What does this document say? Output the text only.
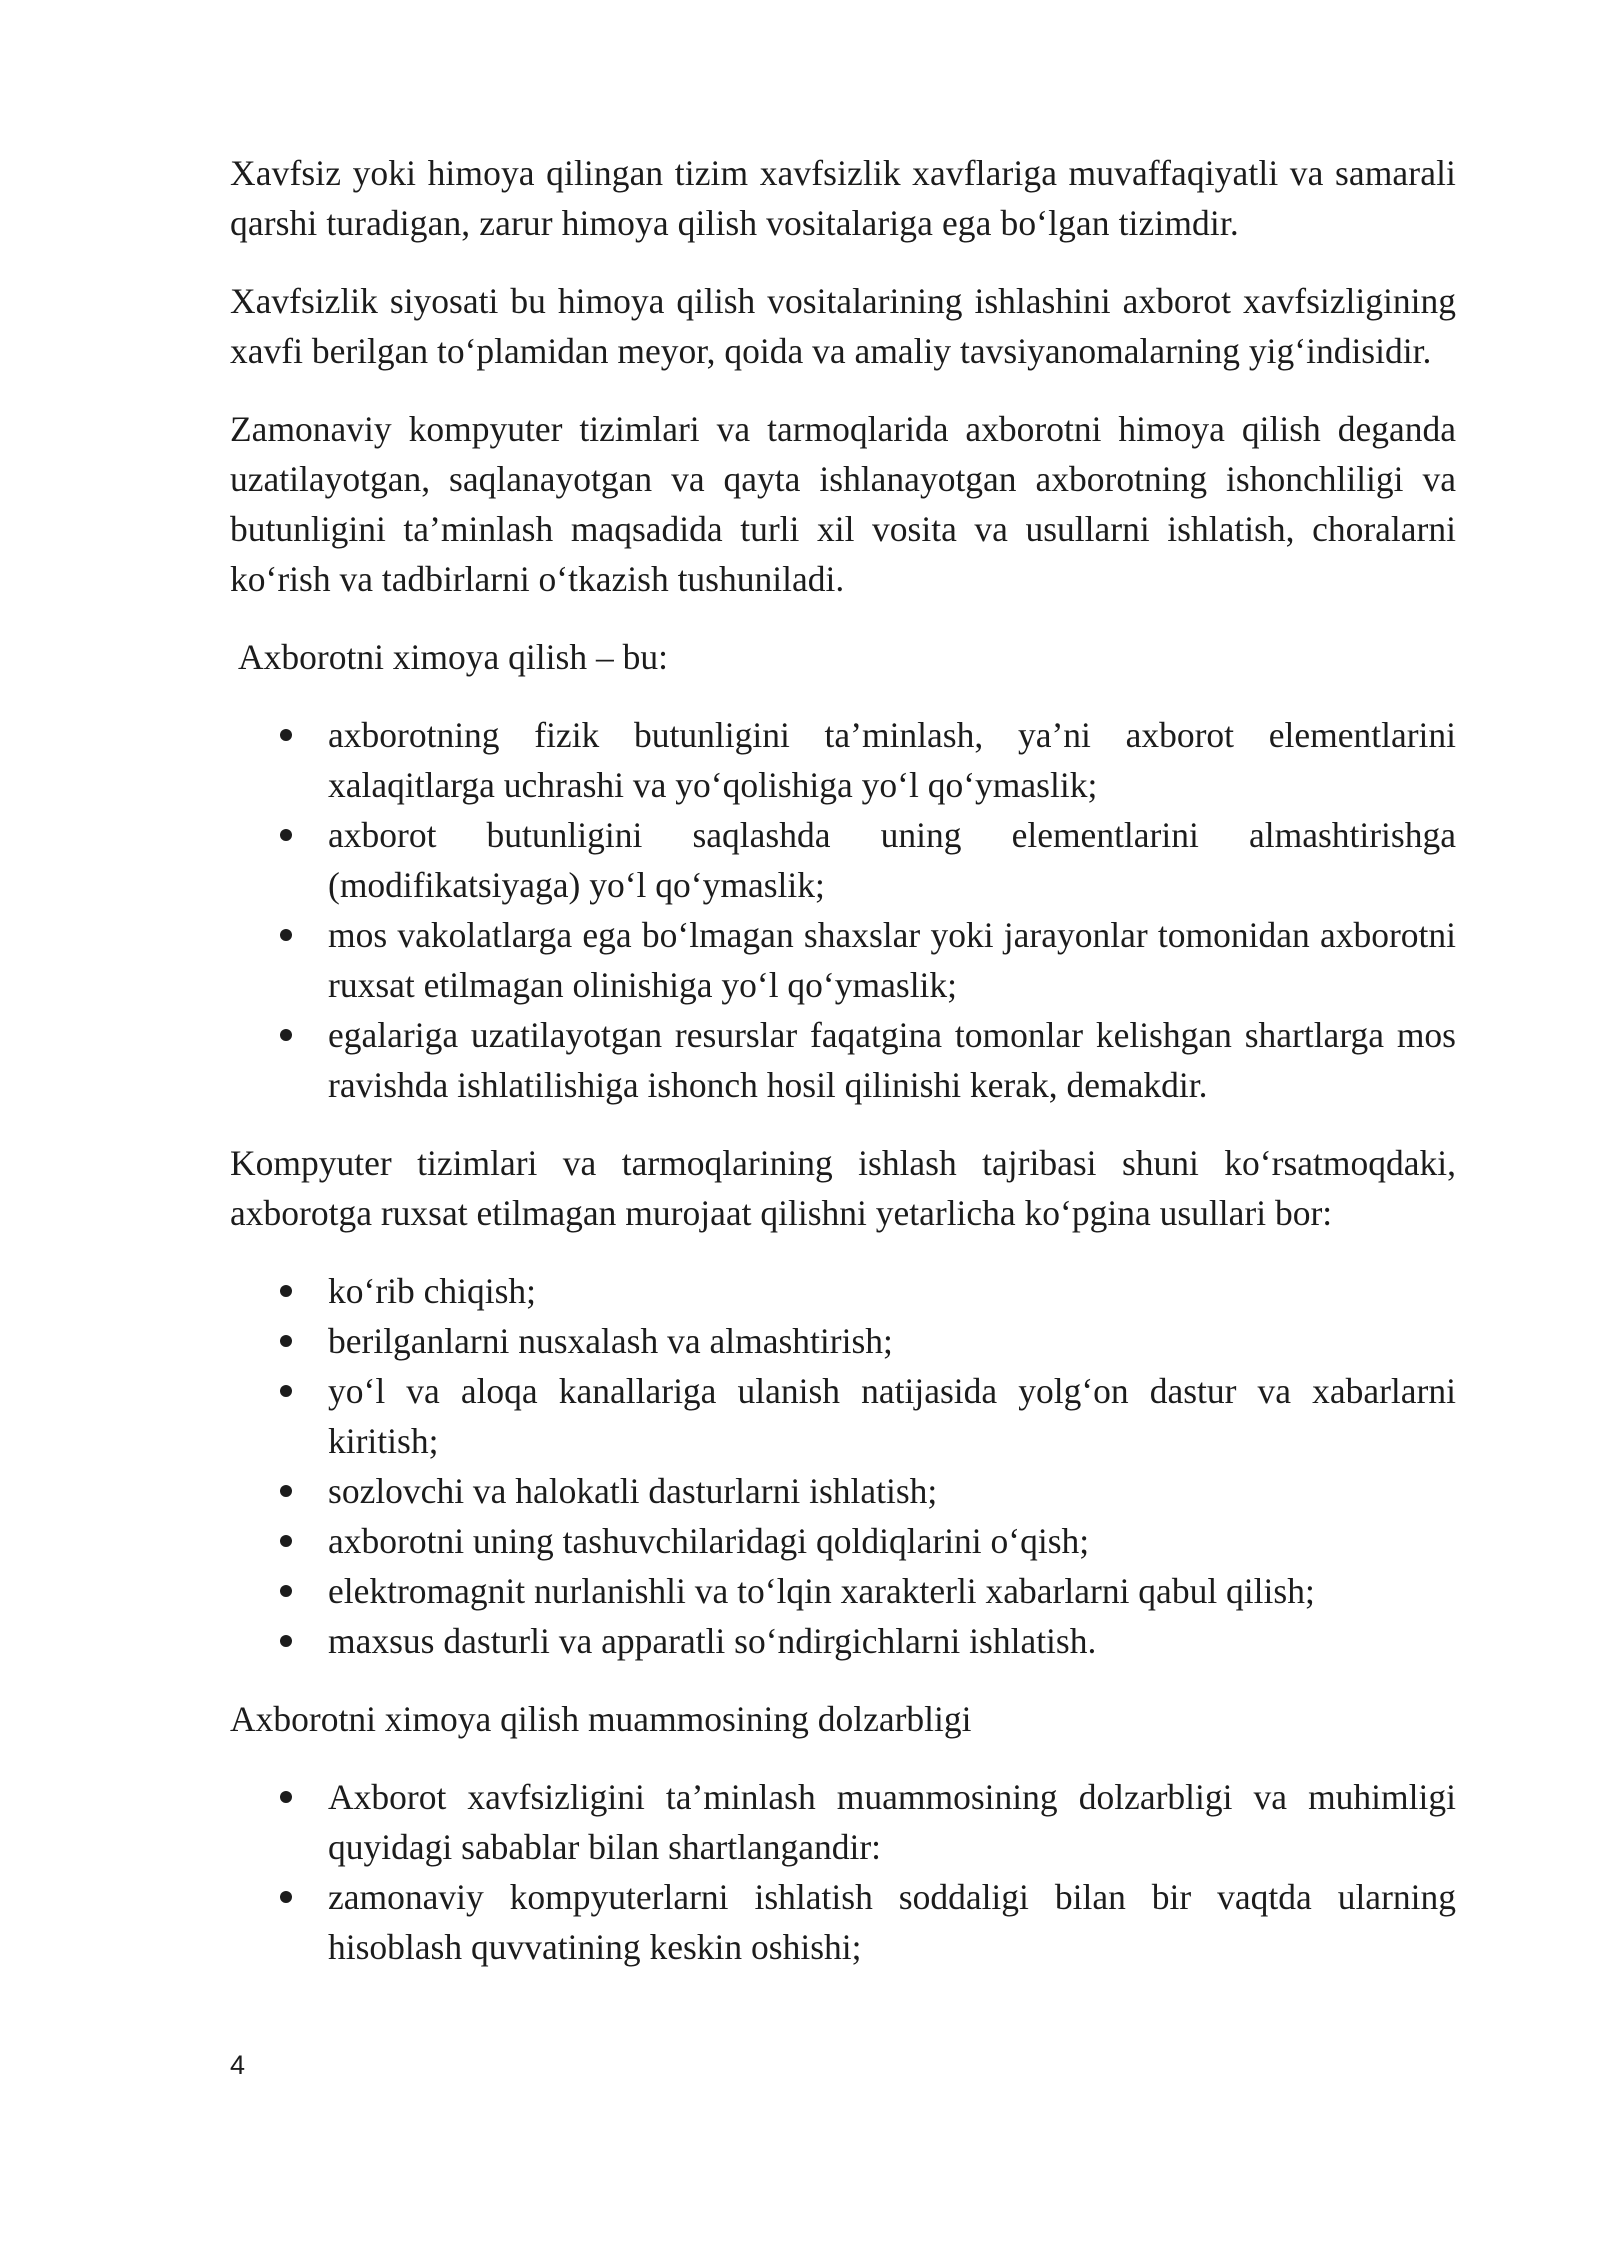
Xavfsiz yoki himoya qilingan tizim xavfsizlik xavflariga muvaffaqiyatli va samarali qarshi turadigan, zarur himoya qilish vositalariga ega bo‘lgan tizimdir.

Xavfsizlik siyosati bu himoya qilish vositalarining ishlashini axborot xavfsizligining xavfi berilgan to‘plamidan meyor, qoida va amaliy tavsiyanomalarning yig‘indisidir.

Zamonaviy kompyuter tizimlari va tarmoqlarida axborotni himoya qilish deganda uzatilayotgan, saqlanayotgan va qayta ishlanayotgan axborotning ishonchliligi va butunligini ta’minlash maqsadida turli xil vosita va usullarni ishlatish, choralarni ko‘rish va tadbirlarni o‘tkazish tushuniladi.

Axborotni ximoya qilish – bu:

axborotning fizik butunligini ta’minlash, ya’ni axborot elementlarini xalaqitlarga uchrashi va yo‘qolishiga yo‘l qo‘ymaslik;
axborot butunligini saqlashda uning elementlarini almashtirishga (modifikatsiyaga) yo‘l qo‘ymaslik;
mos vakolatlarga ega bo‘lmagan shaxslar yoki jarayonlar tomonidan axborotni ruxsat etilmagan olinishiga yo‘l qo‘ymaslik;
egalariga uzatilayotgan resurslar faqatgina tomonlar kelishgan shartlarga mos ravishda ishlatilishiga ishonch hosil qilinishi kerak, demakdir.

Kompyuter tizimlari va tarmoqlarining ishlash tajribasi shuni ko‘rsatmoqdaki, axborotga ruxsat etilmagan murojaat qilishni yetarlicha ko‘pgina usullari bor:

ko‘rib chiqish;
berilganlarni nusxalash va almashtirish;
yo‘l va aloqa kanallariga ulanish natijasida yolg‘on dastur va xabarlarni kiritish;
sozlovchi va halokatli dasturlarni ishlatish;
axborotni uning tashuvchilaridagi qoldiqlarini o‘qish;
elektromagnit nurlanishli va to‘lqin xarakterli xabarlarni qabul qilish;
maxsus dasturli va apparatli so‘ndirgichlarni ishlatish.

Axborotni ximoya qilish muammosining dolzarbligi

Axborot xavfsizligini ta’minlash muammosining dolzarbligi va muhimligi quyidagi sabablar bilan shartlangandir:
zamonaviy kompyuterlarni ishlatish soddaligi bilan bir vaqtda ularning hisoblash quvvatining keskin oshishi;
4
